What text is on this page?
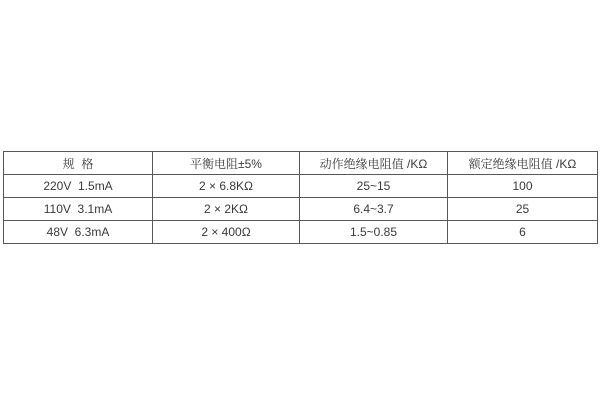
规  格	平衡电阻±5%	动作绝缘电阻值 /KΩ	额定绝缘电阻值 /KΩ
220V  1.5mA	2 × 6.8KΩ	25~15	100
110V  3.1mA	2 × 2KΩ	6.4~3.7	25
48V  6.3mA	2 × 400Ω	1.5~0.85	6
